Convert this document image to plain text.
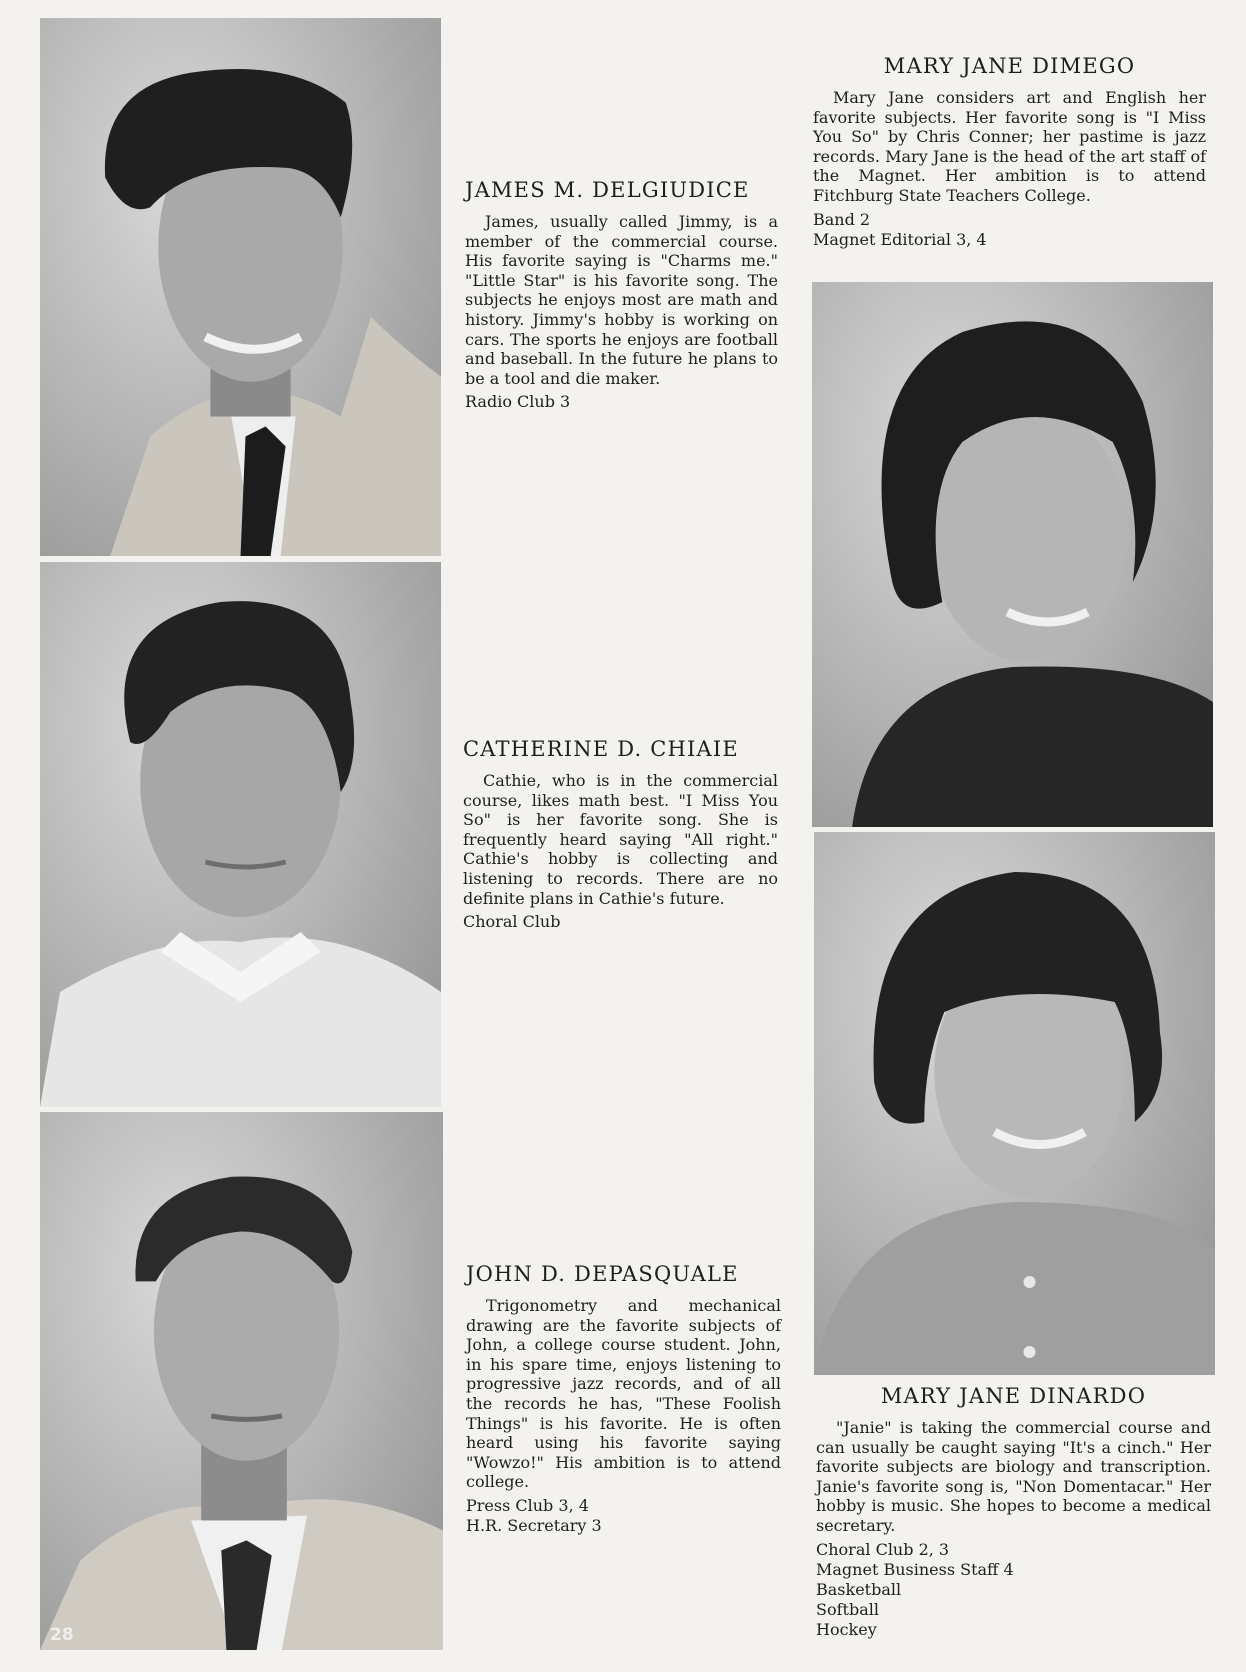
JAMES M. DELGIUDICE

James, usually called Jimmy, is a member of the commercial course. His favorite saying is "Charms me." "Little Star" is his favorite song. The subjects he enjoys most are math and history. Jimmy's hobby is working on cars. The sports he enjoys are football and baseball. In the future he plans to be a tool and die maker.

Radio Club 3
CATHERINE D. CHIAIE

Cathie, who is in the commercial course, likes math best. "I Miss You So" is her favorite song. She is frequently heard saying "All right." Cathie's hobby is collecting and listening to records. There are no definite plans in Cathie's future.

Choral Club
JOHN D. DEPASQUALE

Trigonometry and mechanical drawing are the favorite subjects of John, a college course student. John, in his spare time, enjoys listening to progressive jazz records, and of all the records he has, "These Foolish Things" is his favorite. He is often heard using his favorite saying "Wowzo!" His ambition is to attend college.

Press Club 3, 4
H.R. Secretary 3
MARY JANE DIMEGO

Mary Jane considers art and English her favorite subjects. Her favorite song is "I Miss You So" by Chris Conner; her pastime is jazz records. Mary Jane is the head of the art staff of the Magnet. Her ambition is to attend Fitchburg State Teachers College.

Band 2
Magnet Editorial 3, 4
MARY JANE DINARDO

"Janie" is taking the commercial course and can usually be caught saying "It's a cinch." Her favorite subjects are biology and transcription. Janie's favorite song is, "Non Domentacar." Her hobby is music. She hopes to become a medical secretary.

Choral Club 2, 3
Magnet Business Staff 4
Basketball
Softball
Hockey
28
